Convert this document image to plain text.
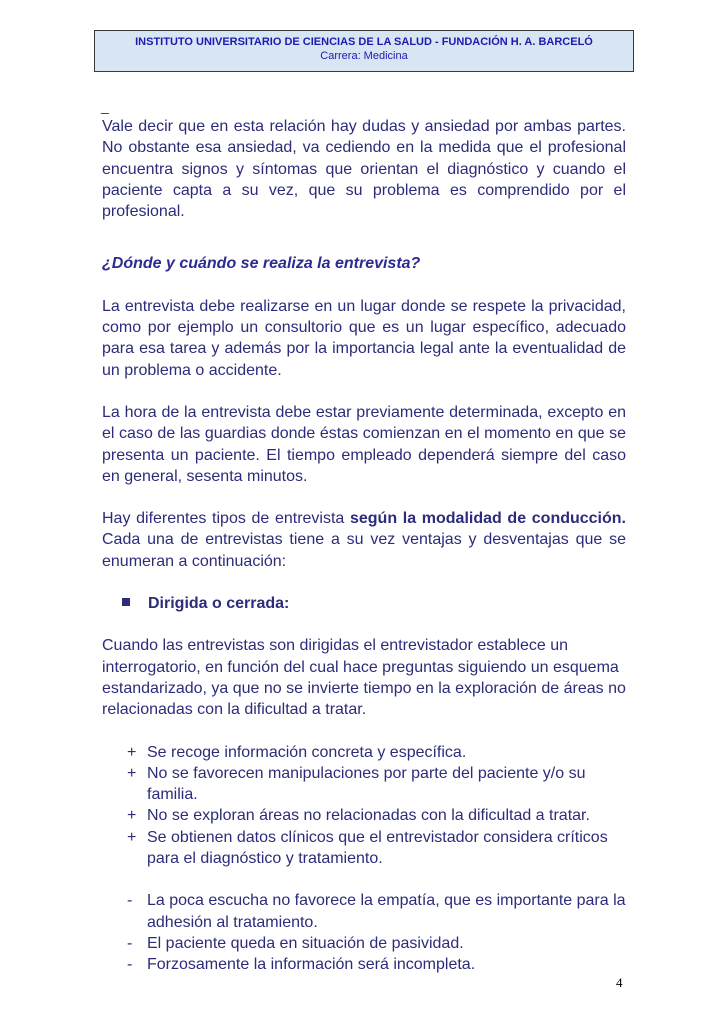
INSTITUTO UNIVERSITARIO DE CIENCIAS DE LA SALUD - FUNDACIÓN H. A. BARCELÓ
Carrera: Medicina
_

Vale decir que en esta relación hay dudas y ansiedad por ambas partes. No obstante esa ansiedad, va cediendo en la medida que el profesional encuentra signos y síntomas que orientan el diagnóstico y cuando el paciente capta a su vez, que su problema es comprendido por el profesional.

¿Dónde y cuándo se realiza la entrevista?

La entrevista debe realizarse en un lugar donde se respete la privacidad, como por ejemplo un consultorio que es un lugar específico, adecuado para esa tarea y además por la importancia legal ante la eventualidad de un problema o accidente.

La hora de la entrevista debe estar previamente determinada, excepto en el caso de las guardias donde éstas comienzan en el momento en que se presenta un paciente. El tiempo empleado dependerá siempre del caso en general, sesenta minutos.

Hay diferentes tipos de entrevista según la modalidad de conducción. Cada una de entrevistas tiene a su vez ventajas y desventajas que se enumeran a continuación:

Dirigida o cerrada:

Cuando las entrevistas son dirigidas el entrevistador establece un interrogatorio, en función del cual hace preguntas siguiendo un esquema estandarizado, ya que no se invierte tiempo en la exploración de áreas no relacionadas con la dificultad a tratar.

+ Se recoge información concreta y específica.
+ No se favorecen manipulaciones por parte del paciente y/o su familia.
+ No se exploran áreas no relacionadas con la dificultad a tratar.
+ Se obtienen datos clínicos que el entrevistador considera críticos para el diagnóstico y tratamiento.
- La poca escucha no favorece la empatía, que es importante para la adhesión al tratamiento.
- El paciente queda en situación de pasividad.
- Forzosamente la información será incompleta.
4
